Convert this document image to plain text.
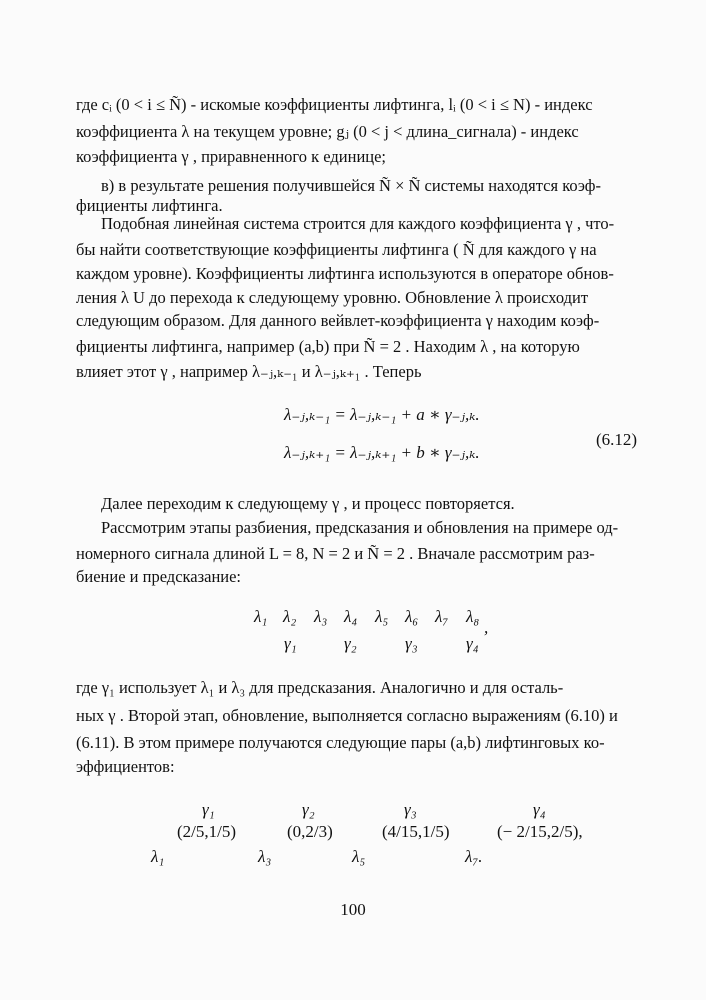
где cᵢ (0 < i ≤ Ñ) - искомые коэффициенты лифтинга, lᵢ (0 < i ≤ N) - индекс
коэффициента λ на текущем уровне; gⱼ (0 < j < длина_сигнала) - индекс
коэффициента γ , приравненного к единице;
в) в результате решения получившейся Ñ × Ñ системы находятся коэф-
фициенты лифтинга.
Подобная линейная система строится для каждого коэффициента γ , что-
бы найти соответствующие коэффициенты лифтинга ( Ñ для каждого γ на
каждом уровне). Коэффициенты лифтинга используются в операторе обнов-
ления λ U до перехода к следующему уровню. Обновление λ происходит
следующим образом. Для данного вейвлет-коэффициента γ находим коэф-
фициенты лифтинга, например (a,b) при Ñ = 2 . Находим λ , на которую
влияет этот γ , например λ₋ⱼ,ₖ₋₁ и λ₋ⱼ,ₖ₊₁ . Теперь
λ₋ⱼ,ₖ₋₁ = λ₋ⱼ,ₖ₋₁ + a ∗ γ₋ⱼ,ₖ.
λ₋ⱼ,ₖ₊₁ = λ₋ⱼ,ₖ₊₁ + b ∗ γ₋ⱼ,ₖ.
(6.12)
Далее переходим к следующему γ , и процесс повторяется.
Рассмотрим этапы разбиения, предсказания и обновления на примере од-
номерного сигнала длиной L = 8, N = 2 и Ñ = 2 . Вначале рассмотрим раз-
биение и предсказание:
λ₁ λ₂ λ₃ λ₄ λ₅ λ₆ λ₇ λ₈
,
γ₁	γ₂	γ₃	γ₄
где γ₁ использует λ₁ и λ₃ для предсказания. Аналогично и для осталь-
ных γ . Второй этап, обновление, выполняется согласно выражениям (6.10) и
(6.11). В этом примере получаются следующие пары (a,b) лифтинговых ко-
эффициентов:
γ₁	γ₂	γ₃	γ₄
(2/5,1/5)	(0,2/3)	(4/15,1/5)	(− 2/15,2/5),
λ₁	λ₃	λ₅	λ₇.
100
